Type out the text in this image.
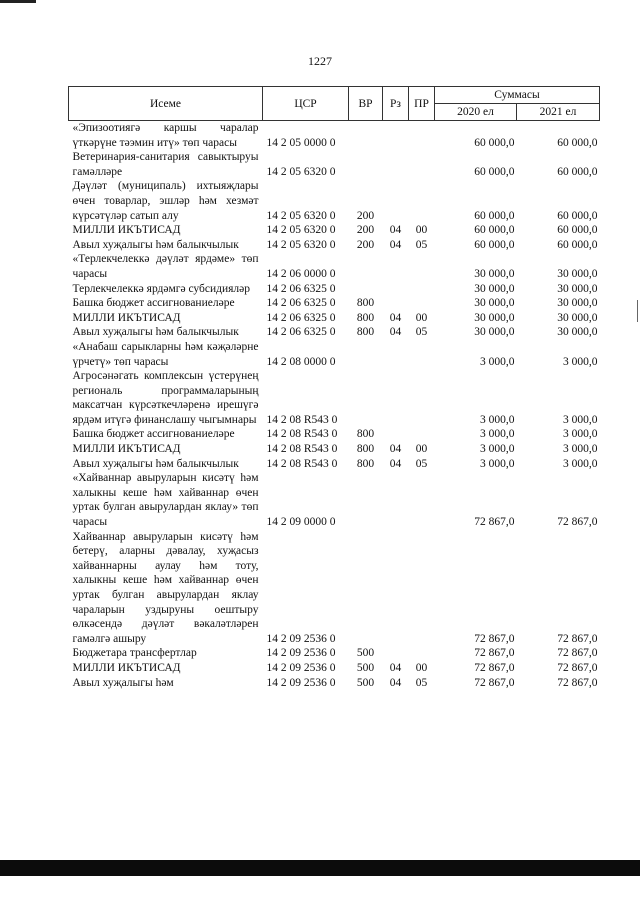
1227
Исеме	ЦСР	ВР	Рз	ПР	Суммасы	
					2020 ел	2021 ел
«Эпизоотиягә каршы чаралар үткәрүне тәэмин итү» төп чарасы	14 2 05 0000 0				60 000,0	60 000,0
Ветеринария-санитария савыктыруы гамәлләре	14 2 05 6320 0				60 000,0	60 000,0
Дәүләт (муниципаль) ихтыяҗлары өчен товарлар, эшләр һәм хезмәт күрсәтүләр сатып алу	14 2 05 6320 0	200			60 000,0	60 000,0
МИЛЛИ ИКЪТИСАД	14 2 05 6320 0	200	04	00	60 000,0	60 000,0
Авыл хуҗалыгы һәм балыкчылык	14 2 05 6320 0	200	04	05	60 000,0	60 000,0
«Терлекчелеккә дәүләт ярдәме» төп чарасы	14 2 06 0000 0				30 000,0	30 000,0
Терлекчелеккә ярдәмгә субсидияләр	14 2 06 6325 0				30 000,0	30 000,0
Башка бюджет ассигнованиеләре	14 2 06 6325 0	800			30 000,0	30 000,0
МИЛЛИ ИКЪТИСАД	14 2 06 6325 0	800	04	00	30 000,0	30 000,0
Авыл хуҗалыгы һәм балыкчылык	14 2 06 6325 0	800	04	05	30 000,0	30 000,0
«Анабаш сарыкларны һәм кәҗәләрне үрчетү» төп чарасы	14 2 08 0000 0				3 000,0	3 000,0
Агросәнәгать комплексын үстерүнең региональ программаларының максатчан күрсәткечләренә ирешүгә ярдәм итүгә финанслашу чыгымнары	14 2 08 R543 0				3 000,0	3 000,0
Башка бюджет ассигнованиеләре	14 2 08 R543 0	800			3 000,0	3 000,0
МИЛЛИ ИКЪТИСАД	14 2 08 R543 0	800	04	00	3 000,0	3 000,0
Авыл хуҗалыгы һәм балыкчылык	14 2 08 R543 0	800	04	05	3 000,0	3 000,0
«Хайваннар авыруларын кисәтү һәм халыкны кеше һәм хайваннар өчен уртак булган авырулардан яклау» төп чарасы	14 2 09 0000 0				72 867,0	72 867,0
Хайваннар авыруларын кисәтү һәм бетерү, аларны дәвалау, хуҗасыз хайваннарны аулау һәм тоту, халыкны кеше һәм хайваннар өчен уртак булган авырулардан яклау чараларын уздыруны оештыру өлкәсендә дәүләт вәкаләтләрен гамәлгә ашыру	14 2 09 2536 0				72 867,0	72 867,0
Бюджетара трансфертлар	14 2 09 2536 0	500			72 867,0	72 867,0
МИЛЛИ ИКЪТИСАД	14 2 09 2536 0	500	04	00	72 867,0	72 867,0
Авыл хуҗалыгы һәм	14 2 09 2536 0	500	04	05	72 867,0	72 867,0
